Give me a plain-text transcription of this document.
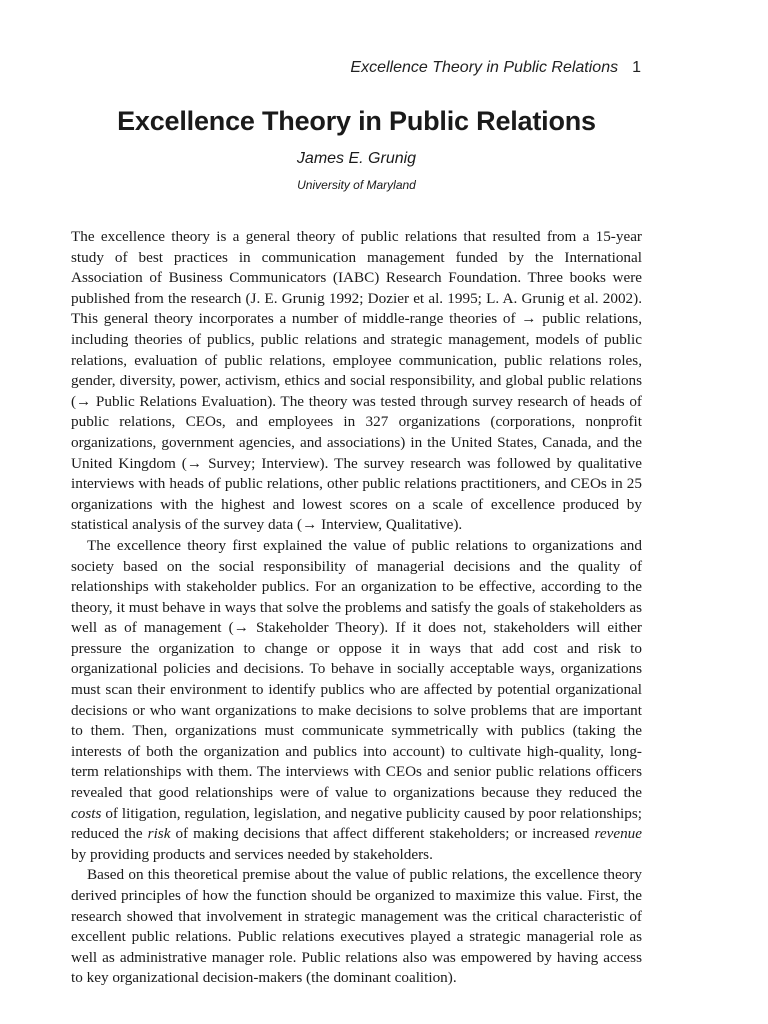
Excellence Theory in Public Relations 1
Excellence Theory in Public Relations
James E. Grunig
University of Maryland

The excellence theory is a general theory of public relations that resulted from a 15-year study of best practices in communication management funded by the International Association of Business Communicators (IABC) Research Foundation. Three books were published from the research (J. E. Grunig 1992; Dozier et al. 1995; L. A. Grunig et al. 2002). This general theory incorporates a number of middle-range theories of → public relations, including theories of publics, public relations and strategic management, models of public relations, evaluation of public relations, employee communication, public relations roles, gender, diversity, power, activism, ethics and social responsibility, and global public relations (→ Public Relations Evaluation). The theory was tested through survey research of heads of public relations, CEOs, and employees in 327 organizations (corporations, nonprofit organizations, government agencies, and associations) in the United States, Canada, and the United Kingdom (→ Survey; Interview). The survey research was followed by qualitative interviews with heads of public relations, other public relations practitioners, and CEOs in 25 organizations with the highest and lowest scores on a scale of excellence produced by statistical analysis of the survey data (→ Interview, Qualitative).

The excellence theory first explained the value of public relations to organizations and society based on the social responsibility of managerial decisions and the quality of relationships with stakeholder publics. For an organization to be effective, according to the theory, it must behave in ways that solve the problems and satisfy the goals of stakeholders as well as of management (→ Stakeholder Theory). If it does not, stakeholders will either pressure the organization to change or oppose it in ways that add cost and risk to organizational policies and decisions. To behave in socially acceptable ways, organizations must scan their environment to identify publics who are affected by potential organizational decisions or who want organizations to make decisions to solve problems that are important to them. Then, organizations must communicate symmetrically with publics (taking the interests of both the organization and publics into account) to cultivate high-quality, long-term relationships with them. The interviews with CEOs and senior public relations officers revealed that good relationships were of value to organizations because they reduced the costs of litigation, regulation, legislation, and negative publicity caused by poor relationships; reduced the risk of making decisions that affect different stakeholders; or increased revenue by providing products and services needed by stakeholders.

Based on this theoretical premise about the value of public relations, the excellence theory derived principles of how the function should be organized to maximize this value. First, the research showed that involvement in strategic management was the critical characteristic of excellent public relations. Public relations executives played a strategic managerial role as well as administrative manager role. Public relations also was empowered by having access to key organizational decision-makers (the dominant coalition).
